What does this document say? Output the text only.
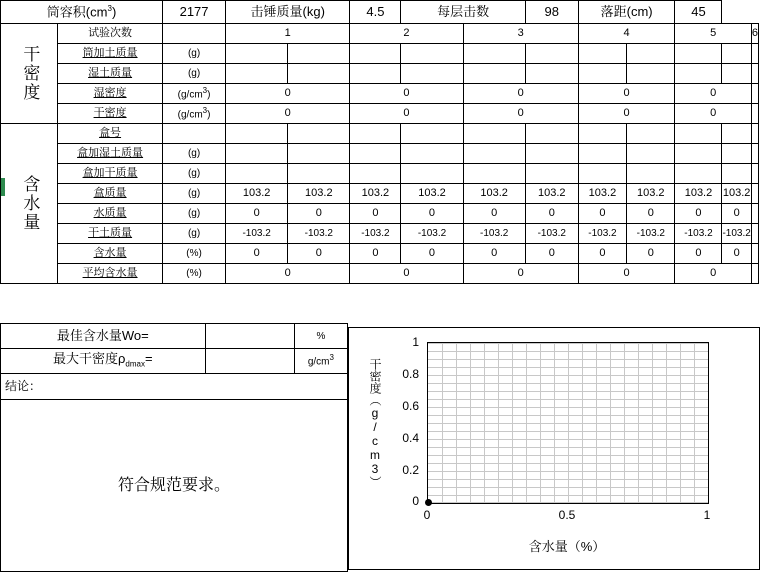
筒容积$(cm^3)$		2177	击锤质量(kg)		4.5	每层击数		98	落距(cm)		45		

干密度	试验次数		1		2		3		4		5		6
	筒加土质量	(g)											
	湿土质量	(g)											
	湿密度	$(g/cm^3)$	0		0		0		0		0		
	干密度	$(g/cm^3)$	0		0		0		0		0		

含水量	盒号												
	盒加湿土质量	(g)											
	盒加干质量	(g)											
	盒质量	(g)	103.2	103.2	103.2	103.2	103.2	103.2	103.2	103.2	103.2	103.2	
	水质量	(g)	0	0	0	0	0	0	0	0	0	0	
	干土质量	(g)	-103.2	-103.2	-103.2	-103.2	-103.2	-103.2	-103.2	-103.2	-103.2	-103.2	
	含水量	(%)	0	0	0	0	0	0	0	0	0	0	
	平均含水量	(%)	0		0		0		0		0		
最佳含水量Wo=		%
最大干密度$\rho_{dmax}=$		$g/cm^3$
结论：		
符合规范要求。		
1
0.8
0.6
0.4
0.2
0
0	0.5	1
干密度（g/cm3）
含水量（%）
